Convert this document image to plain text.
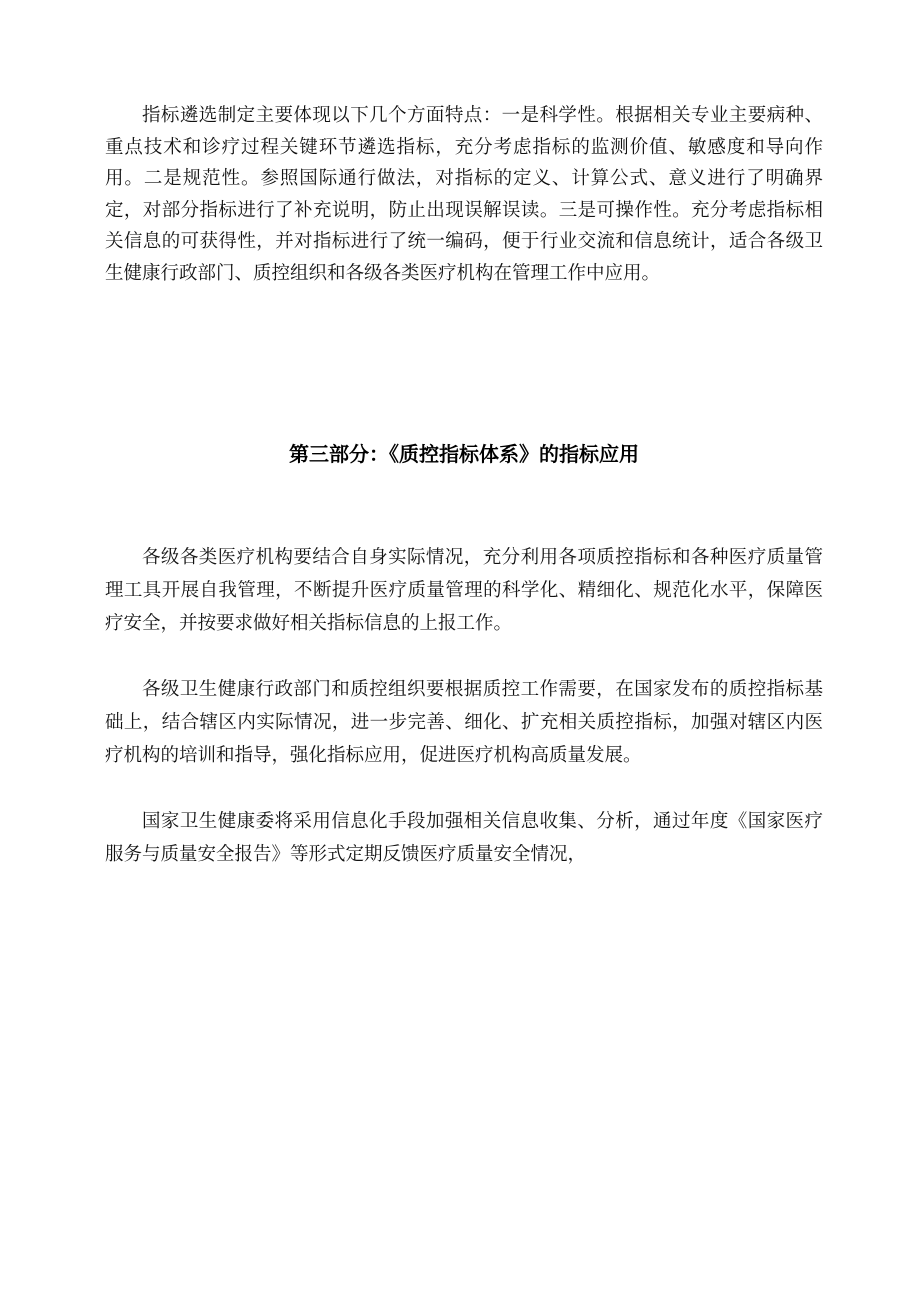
指标遴选制定主要体现以下几个方面特点：一是科学性。根据相关专业主要病种、重点技术和诊疗过程关键环节遴选指标，充分考虑指标的监测价值、敏感度和导向作用。二是规范性。参照国际通行做法，对指标的定义、计算公式、意义进行了明确界定，对部分指标进行了补充说明，防止出现误解误读。三是可操作性。充分考虑指标相关信息的可获得性，并对指标进行了统一编码，便于行业交流和信息统计，适合各级卫生健康行政部门、质控组织和各级各类医疗机构在管理工作中应用。

第三部分：《质控指标体系》的指标应用

各级各类医疗机构要结合自身实际情况，充分利用各项质控指标和各种医疗质量管理工具开展自我管理，不断提升医疗质量管理的科学化、精细化、规范化水平，保障医疗安全，并按要求做好相关指标信息的上报工作。

各级卫生健康行政部门和质控组织要根据质控工作需要，在国家发布的质控指标基础上，结合辖区内实际情况，进一步完善、细化、扩充相关质控指标，加强对辖区内医疗机构的培训和指导，强化指标应用，促进医疗机构高质量发展。

国家卫生健康委将采用信息化手段加强相关信息收集、分析，通过年度《国家医疗服务与质量安全报告》等形式定期反馈医疗质量安全情况，
